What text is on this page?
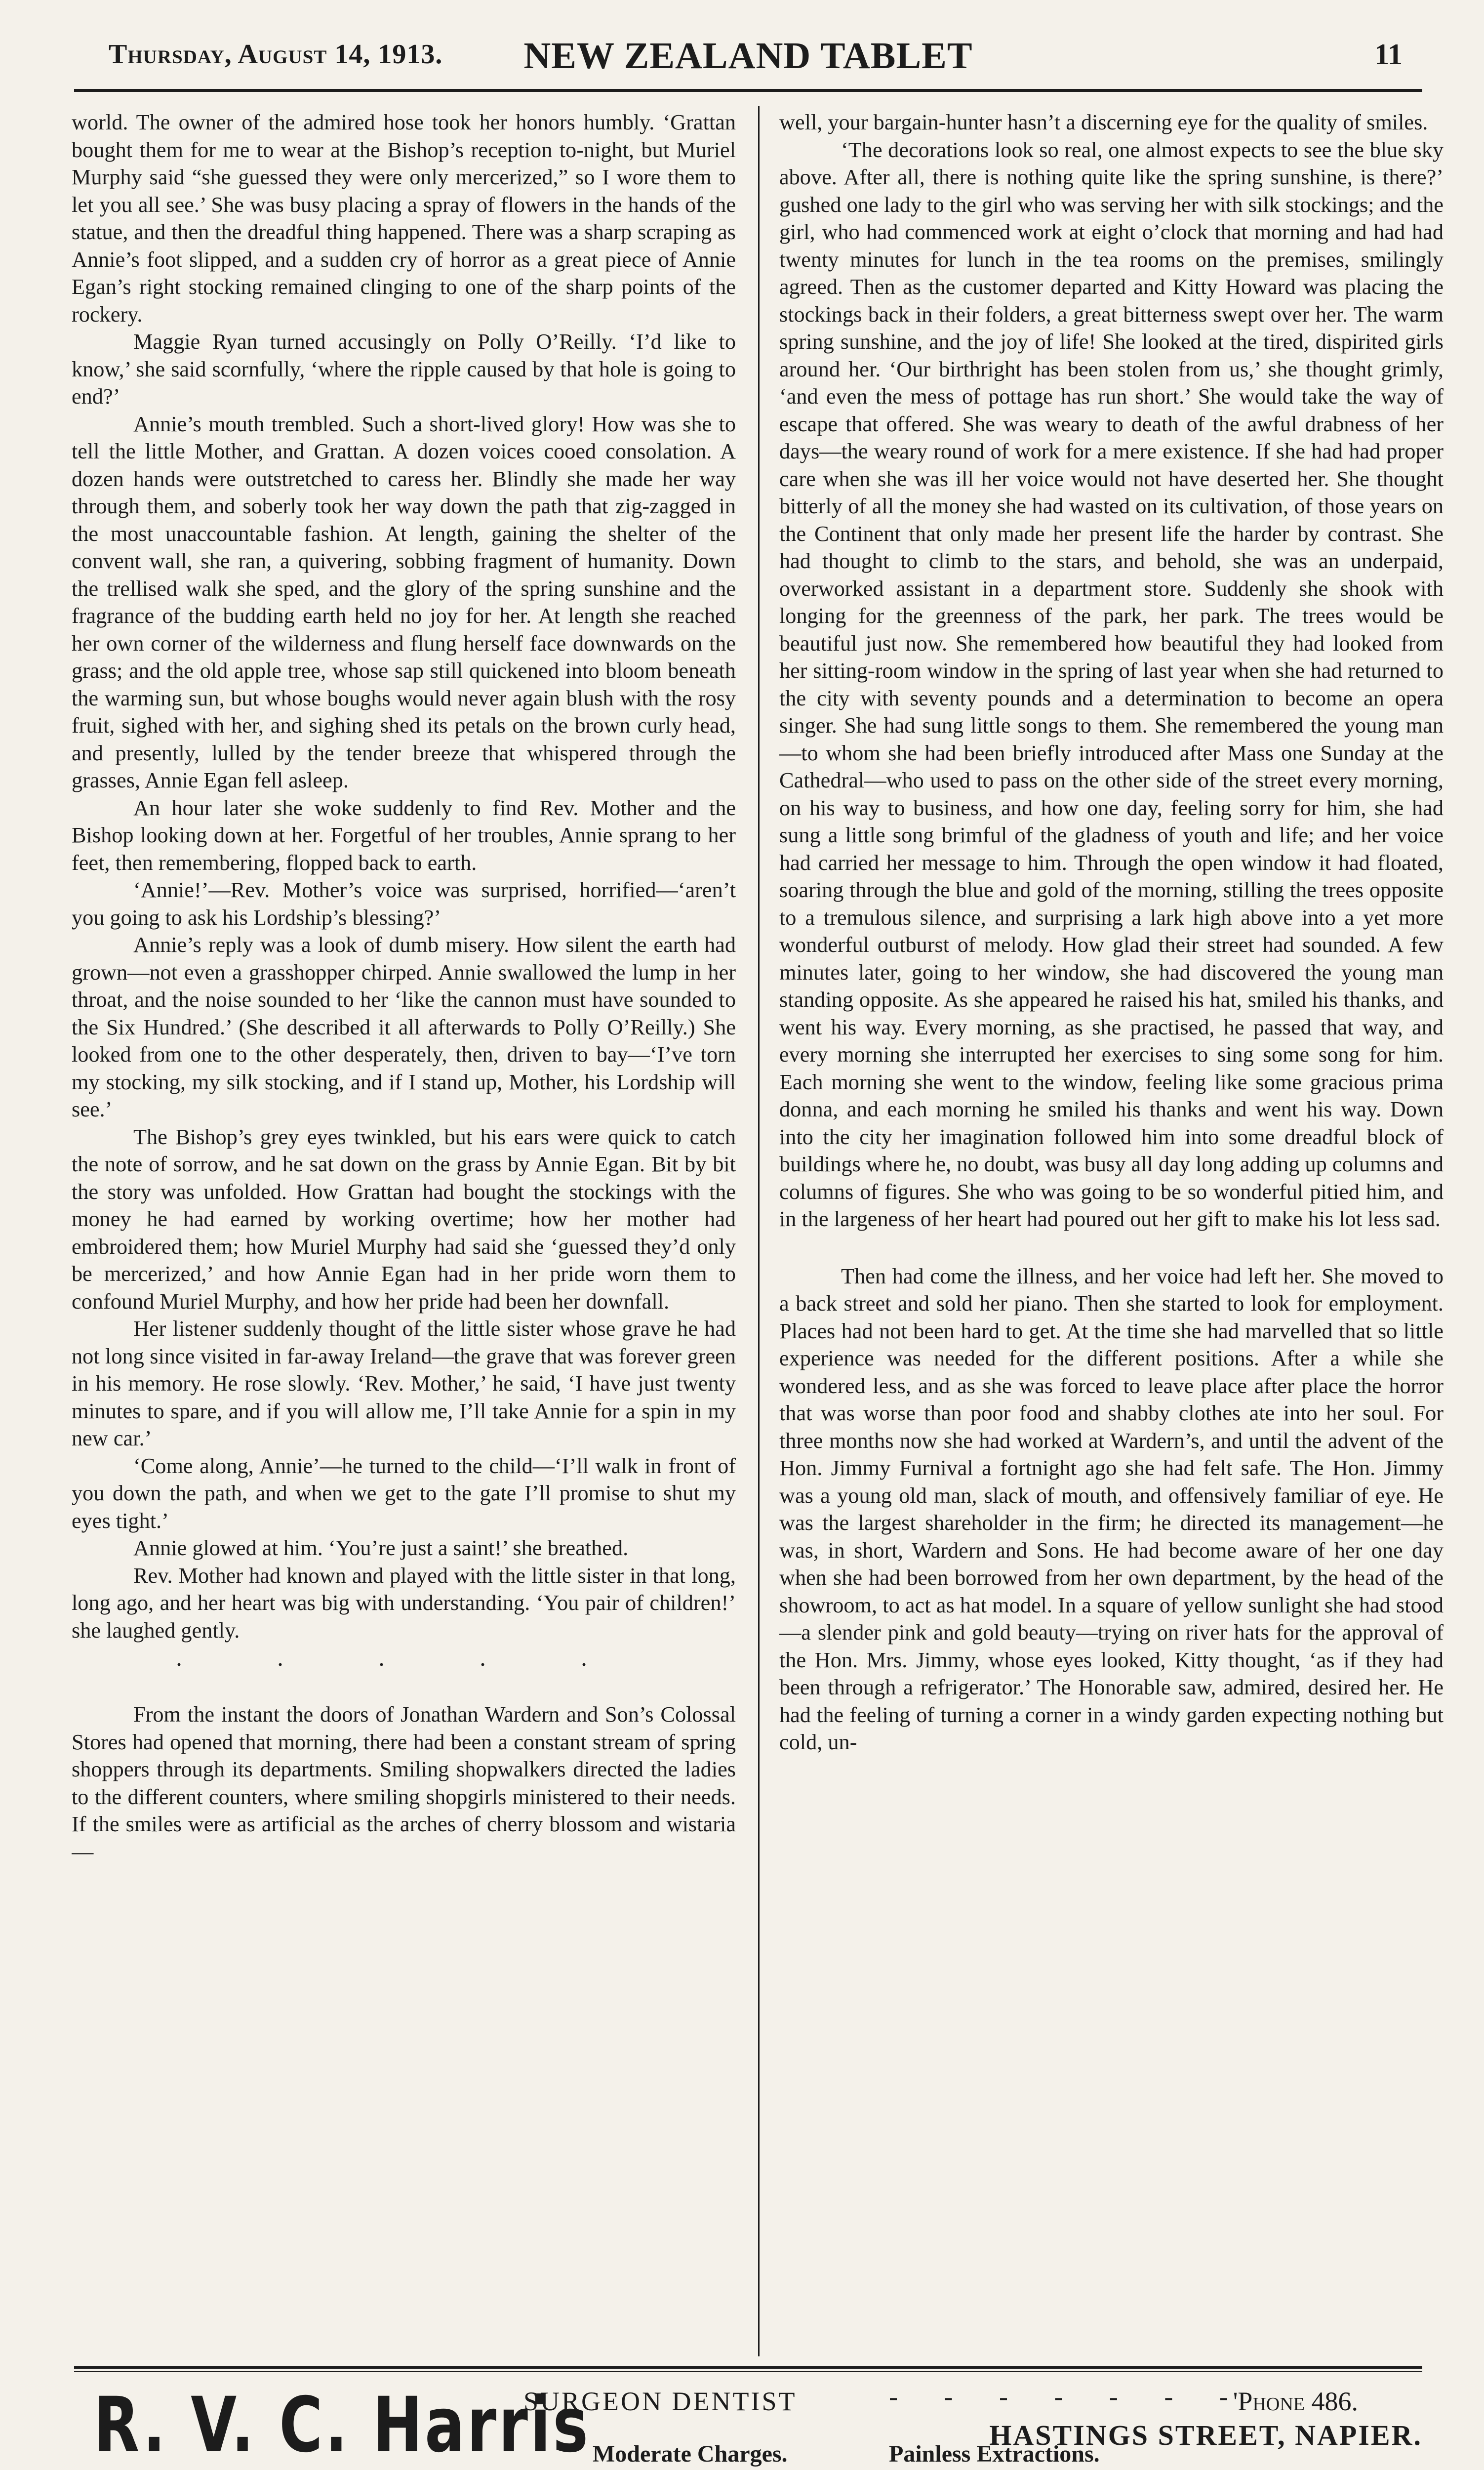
Thursday, August 14, 1913.	NEW ZEALAND TABLET	11

world. The owner of the admired hose took her honors humbly. ‘Grattan bought them for me to wear at the Bishop’s reception to-night, but Muriel Murphy said “she guessed they were only mercerized,” so I wore them to let you all see.’ She was busy placing a spray of flowers in the hands of the statue, and then the dreadful thing happened. There was a sharp scraping as Annie’s foot slipped, and a sudden cry of horror as a great piece of Annie Egan’s right stocking remained clinging to one of the sharp points of the rockery.

Maggie Ryan turned accusingly on Polly O’Reilly. ‘I’d like to know,’ she said scornfully, ‘where the ripple caused by that hole is going to end?’

Annie’s mouth trembled. Such a short-lived glory! How was she to tell the little Mother, and Grattan. A dozen voices cooed consolation. A dozen hands were outstretched to caress her. Blindly she made her way through them, and soberly took her way down the path that zig-zagged in the most unaccountable fashion. At length, gaining the shelter of the convent wall, she ran, a quivering, sobbing fragment of humanity. Down the trellised walk she sped, and the glory of the spring sunshine and the fragrance of the budding earth held no joy for her. At length she reached her own corner of the wilderness and flung herself face downwards on the grass; and the old apple tree, whose sap still quickened into bloom beneath the warming sun, but whose boughs would never again blush with the rosy fruit, sighed with her, and sighing shed its petals on the brown curly head, and presently, lulled by the tender breeze that whispered through the grasses, Annie Egan fell asleep.

An hour later she woke suddenly to find Rev. Mother and the Bishop looking down at her. Forgetful of her troubles, Annie sprang to her feet, then remembering, flopped back to earth.

‘Annie!’—Rev. Mother’s voice was surprised, horrified—‘aren’t you going to ask his Lordship’s blessing?’

Annie’s reply was a look of dumb misery. How silent the earth had grown—not even a grasshopper chirped. Annie swallowed the lump in her throat, and the noise sounded to her ‘like the cannon must have sounded to the Six Hundred.’ (She described it all afterwards to Polly O’Reilly.) She looked from one to the other desperately, then, driven to bay—‘I’ve torn my stocking, my silk stocking, and if I stand up, Mother, his Lordship will see.’

The Bishop’s grey eyes twinkled, but his ears were quick to catch the note of sorrow, and he sat down on the grass by Annie Egan. Bit by bit the story was unfolded. How Grattan had bought the stockings with the money he had earned by working overtime; how her mother had embroidered them; how Muriel Murphy had said she ‘guessed they’d only be mercerized,’ and how Annie Egan had in her pride worn them to confound Muriel Murphy, and how her pride had been her downfall.

Her listener suddenly thought of the little sister whose grave he had not long since visited in far-away Ireland—the grave that was forever green in his memory. He rose slowly. ‘Rev. Mother,’ he said, ‘I have just twenty minutes to spare, and if you will allow me, I’ll take Annie for a spin in my new car.’

‘Come along, Annie’—he turned to the child—‘I’ll walk in front of you down the path, and when we get to the gate I’ll promise to shut my eyes tight.’

Annie glowed at him. ‘You’re just a saint!’ she breathed.

Rev. Mother had known and played with the little sister in that long, long ago, and her heart was big with understanding. ‘You pair of children!’ she laughed gently.

. . . . .

From the instant the doors of Jonathan Wardern and Son’s Colossal Stores had opened that morning, there had been a constant stream of spring shoppers through its departments. Smiling shopwalkers directed the ladies to the different counters, where smiling shopgirls ministered to their needs. If the smiles were as artificial as the arches of cherry blossom and wistaria—

well, your bargain-hunter hasn’t a discerning eye for the quality of smiles.

‘The decorations look so real, one almost expects to see the blue sky above. After all, there is nothing quite like the spring sunshine, is there?’ gushed one lady to the girl who was serving her with silk stockings; and the girl, who had commenced work at eight o’clock that morning and had had twenty minutes for lunch in the tea rooms on the premises, smilingly agreed. Then as the customer departed and Kitty Howard was placing the stockings back in their folders, a great bitterness swept over her. The warm spring sunshine, and the joy of life! She looked at the tired, dispirited girls around her. ‘Our birthright has been stolen from us,’ she thought grimly, ‘and even the mess of pottage has run short.’ She would take the way of escape that offered. She was weary to death of the awful drabness of her days—the weary round of work for a mere existence. If she had had proper care when she was ill her voice would not have deserted her. She thought bitterly of all the money she had wasted on its cultivation, of those years on the Continent that only made her present life the harder by contrast. She had thought to climb to the stars, and behold, she was an underpaid, overworked assistant in a department store. Suddenly she shook with longing for the greenness of the park, her park. The trees would be beautiful just now. She remembered how beautiful they had looked from her sitting-room window in the spring of last year when she had returned to the city with seventy pounds and a determination to become an opera singer. She had sung little songs to them. She remembered the young man—to whom she had been briefly introduced after Mass one Sunday at the Cathedral—who used to pass on the other side of the street every morning, on his way to business, and how one day, feeling sorry for him, she had sung a little song brimful of the gladness of youth and life; and her voice had carried her message to him. Through the open window it had floated, soaring through the blue and gold of the morning, stilling the trees opposite to a tremulous silence, and surprising a lark high above into a yet more wonderful outburst of melody. How glad their street had sounded. A few minutes later, going to her window, she had discovered the young man standing opposite. As she appeared he raised his hat, smiled his thanks, and went his way. Every morning, as she practised, he passed that way, and every morning she interrupted her exercises to sing some song for him. Each morning she went to the window, feeling like some gracious prima donna, and each morning he smiled his thanks and went his way. Down into the city her imagination followed him into some dreadful block of buildings where he, no doubt, was busy all day long adding up columns and columns of figures. She who was going to be so wonderful pitied him, and in the largeness of her heart had poured out her gift to make his lot less sad.

Then had come the illness, and her voice had left her. She moved to a back street and sold her piano. Then she started to look for employment. Places had not been hard to get. At the time she had marvelled that so little experience was needed for the different positions. After a while she wondered less, and as she was forced to leave place after place the horror that was worse than poor food and shabby clothes ate into her soul. For three months now she had worked at Wardern’s, and until the advent of the Hon. Jimmy Furnival a fortnight ago she had felt safe. The Hon. Jimmy was a young old man, slack of mouth, and offensively familiar of eye. He was the largest shareholder in the firm; he directed its management—he was, in short, Wardern and Sons. He had become aware of her one day when she had been borrowed from her own department, by the head of the showroom, to act as hat model. In a square of yellow sunlight she had stood—a slender pink and gold beauty—trying on river hats for the approval of the Hon. Mrs. Jimmy, whose eyes looked, Kitty thought, ‘as if they had been through a refrigerator.’ The Honorable saw, admired, desired her. He had the feeling of turning a corner in a windy garden expecting nothing but cold, un-

R. V. C. Harris
SURGEON DENTIST	- - - - - - -
'Phone 486.
HASTINGS STREET, NAPIER.
Moderate Charges.	Painless Extractions.
